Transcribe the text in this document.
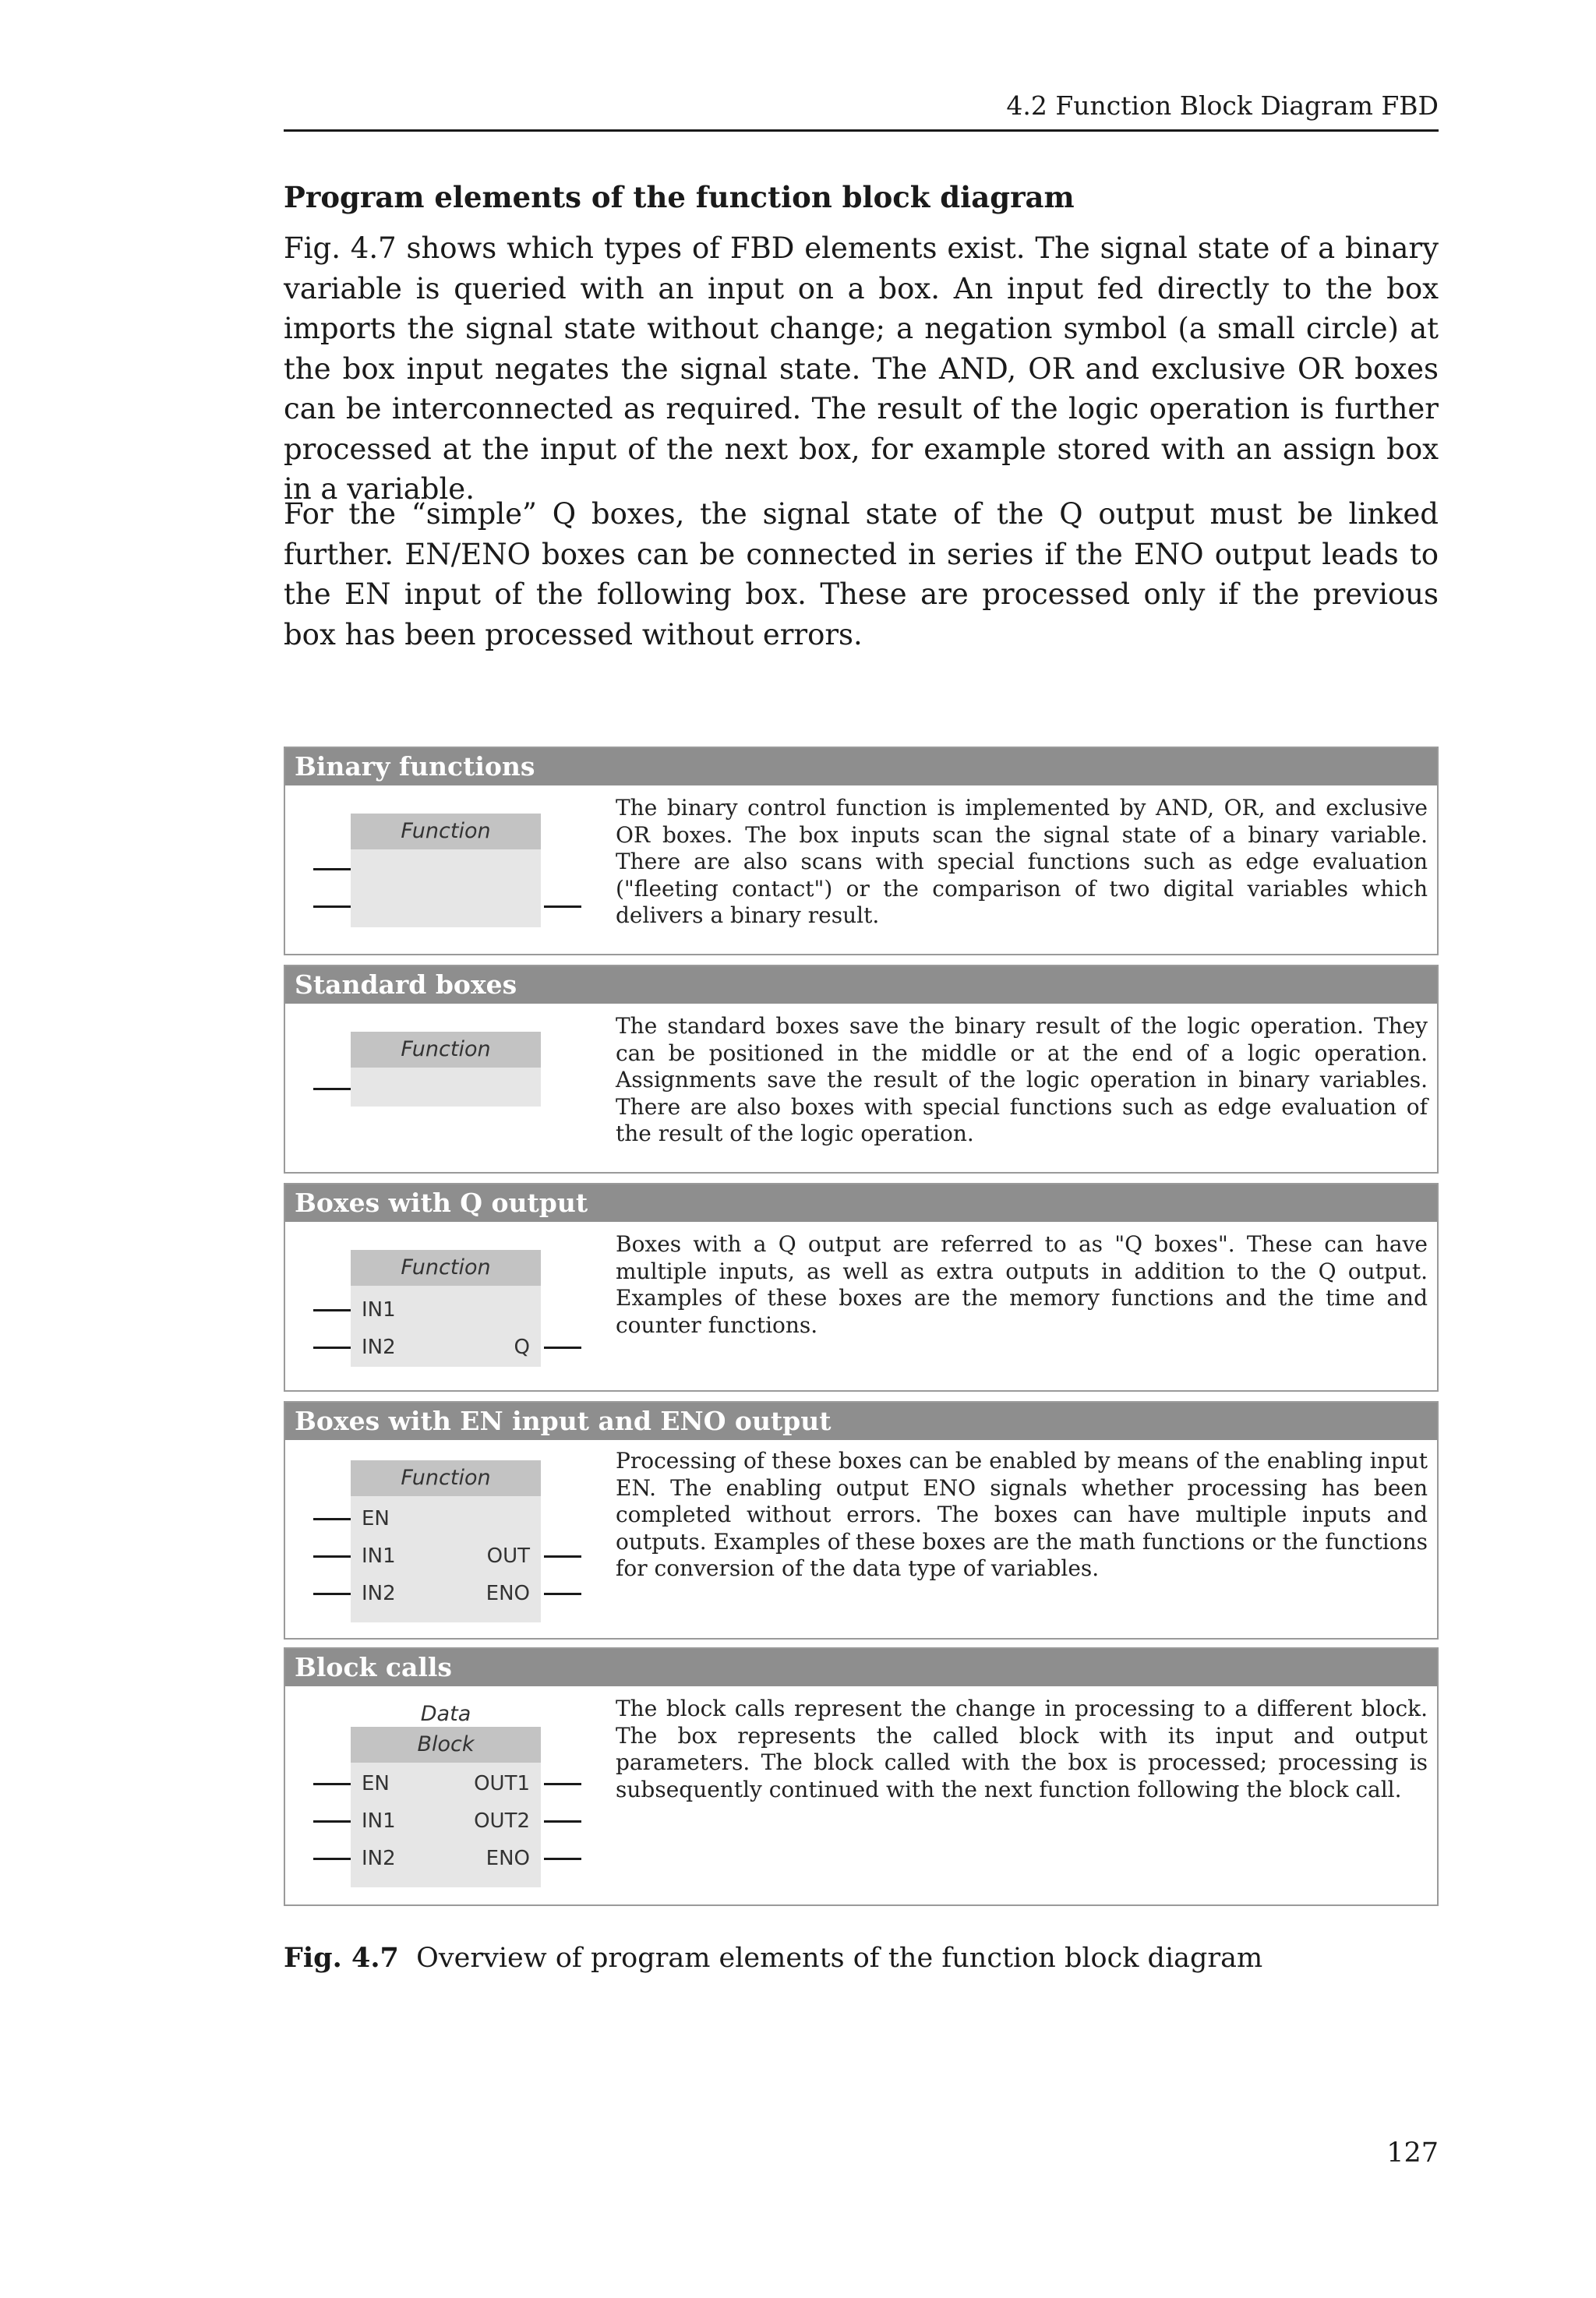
4.2 Function Block Diagram FBD
Program elements of the function block diagram
Fig. 4.7 shows which types of FBD elements exist. The signal state of a binary variable is queried with an input on a box. An input fed directly to the box imports the signal state without change; a negation symbol (a small circle) at the box input negates the signal state. The AND, OR and exclusive OR boxes can be interconnected as required. The result of the logic operation is further processed at the input of the next box, for example stored with an assign box in a variable.
For the “simple” Q boxes, the signal state of the Q output must be linked further. EN/ENO boxes can be connected in series if the ENO output leads to the EN input of the following box. These are processed only if the previous box has been processed without errors.
Binary functions
Function
The binary control function is implemented by AND, OR, and exclusive OR boxes. The box inputs scan the signal state of a binary variable. There are also scans with special functions such as edge evaluation ("fleeting contact") or the comparison of two digital variables which delivers a binary result.
Standard boxes
Function
The standard boxes save the binary result of the logic operation. They can be positioned in the middle or at the end of a logic operation. Assignments save the result of the logic operation in binary variables. There are also boxes with special functions such as edge evaluation of the result of the logic operation.
Boxes with Q output
Function
IN1
IN2	Q
Boxes with a Q output are referred to as "Q boxes". These can have multiple inputs, as well as extra outputs in addition to the Q output. Examples of these boxes are the memory functions and the time and counter functions.
Boxes with EN input and ENO output
Function
EN
IN1
IN2
OUT
ENO
Processing of these boxes can be enabled by means of the enabling input EN. The enabling output ENO signals whether processing has been completed without errors. The boxes can have multiple inputs and outputs. Examples of these boxes are the math functions or the functions for conversion of the data type of variables.
Block calls
Data
Block
EN
IN1
IN2
OUT1
OUT2
ENO
The block calls represent the change in processing to a different block. The box represents the called block with its input and output parameters. The block called with the box is processed; processing is subsequently continued with the next function following the block call.
Fig. 4.7 Overview of program elements of the function block diagram
127
